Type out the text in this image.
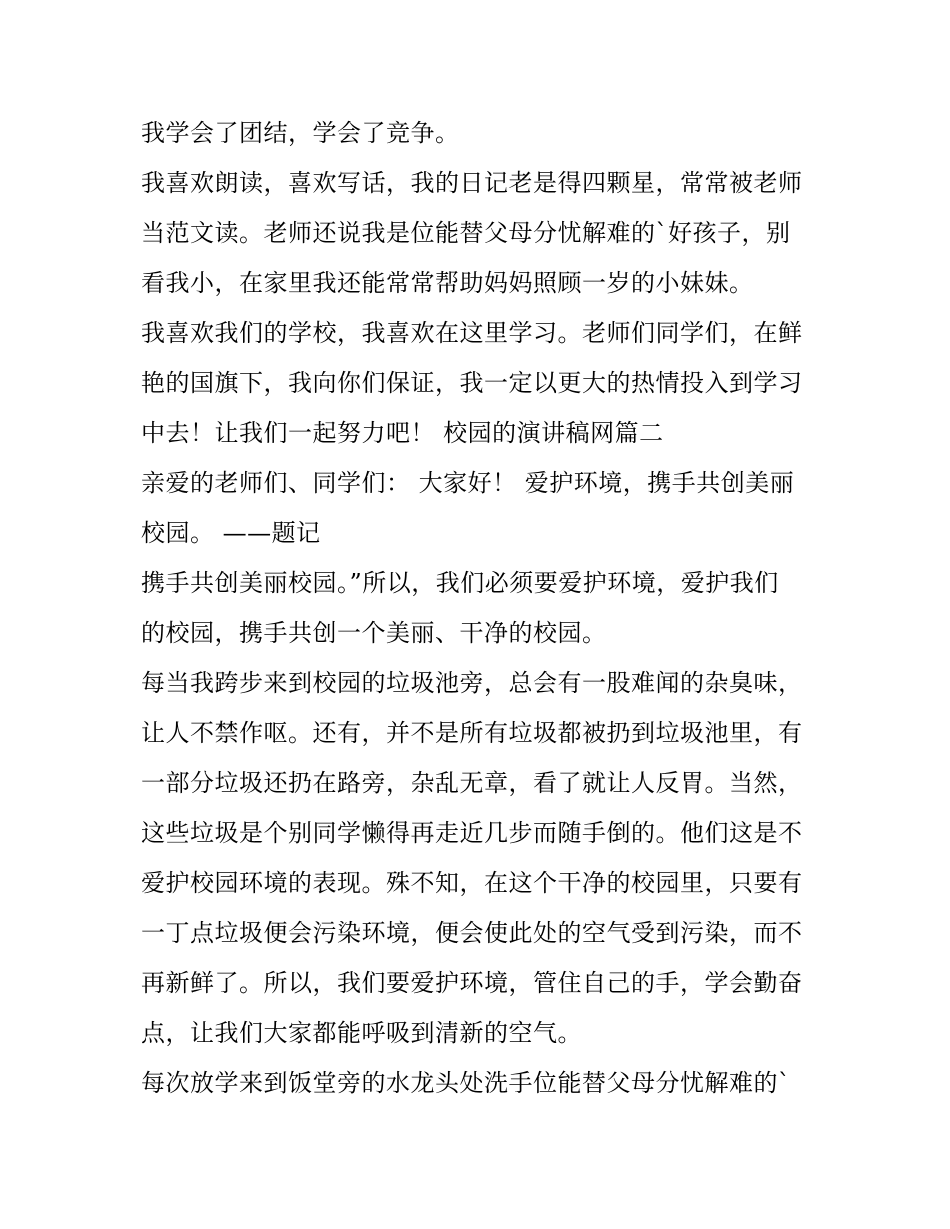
我学会了团结，学会了竞争。
我喜欢朗读，喜欢写话，我的日记老是得四颗星，常常被老师
当范文读。老师还说我是位能替父母分忧解难的`好孩子，别
看我小，在家里我还能常常帮助妈妈照顾一岁的小妹妹。
我喜欢我们的学校，我喜欢在这里学习。老师们同学们，在鲜
艳的国旗下，我向你们保证，我一定以更大的热情投入到学习
中去！让我们一起努力吧！ 校园的演讲稿网篇二
亲爱的老师们、同学们： 大家好！ 爱护环境，携手共创美丽
校园。 ——题记
携手共创美丽校园。”所以，我们必须要爱护环境，爱护我们
的校园，携手共创一个美丽、干净的校园。
每当我跨步来到校园的垃圾池旁，总会有一股难闻的杂臭味，
让人不禁作呕。还有，并不是所有垃圾都被扔到垃圾池里，有
一部分垃圾还扔在路旁，杂乱无章，看了就让人反胃。当然，
这些垃圾是个别同学懒得再走近几步而随手倒的。他们这是不
爱护校园环境的表现。殊不知，在这个干净的校园里，只要有
一丁点垃圾便会污染环境，便会使此处的空气受到污染，而不
再新鲜了。所以，我们要爱护环境，管住自己的手，学会勤奋
点，让我们大家都能呼吸到清新的空气。
每次放学来到饭堂旁的水龙头处洗手位能替父母分忧解难的`
